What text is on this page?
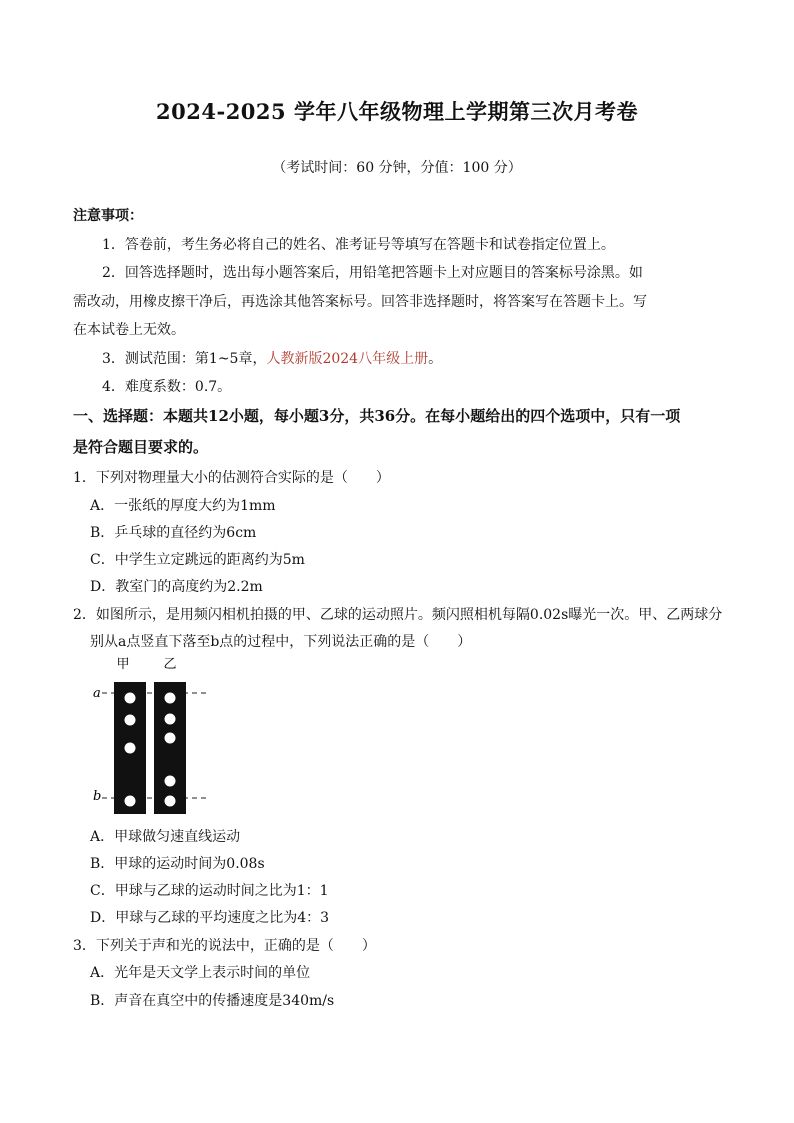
2024-2025 学年八年级物理上学期第三次月考卷
（考试时间：60 分钟，分值：100 分）
注意事项：
1．答卷前，考生务必将自己的姓名、准考证号等填写在答题卡和试卷指定位置上。
2．回答选择题时，选出每小题答案后，用铅笔把答题卡上对应题目的答案标号涂黑。如
需改动，用橡皮擦干净后，再选涂其他答案标号。回答非选择题时，将答案写在答题卡上。写
在本试卷上无效。
3．测试范围：第1~5章，人教新版2024八年级上册。
4．难度系数：0.7。
一、选择题：本题共12小题，每小题3分，共36分。在每小题给出的四个选项中，只有一项
是符合题目要求的。
1．下列对物理量大小的估测符合实际的是（　　）
A．一张纸的厚度大约为1mm
B．乒乓球的直径约为6cm
C．中学生立定跳远的距离约为5m
D．教室门的高度约为2.2m
2．如图所示，是用频闪相机拍摄的甲、乙球的运动照片。频闪照相机每隔0.02s曝光一次。甲、乙两球分
别从a点竖直下落至b点的过程中，下列说法正确的是（　　）
甲	乙
a
b
A．甲球做匀速直线运动
B．甲球的运动时间为0.08s
C．甲球与乙球的运动时间之比为1：1
D．甲球与乙球的平均速度之比为4：3
3．下列关于声和光的说法中，正确的是（　　）
A．光年是天文学上表示时间的单位
B．声音在真空中的传播速度是340m/s
